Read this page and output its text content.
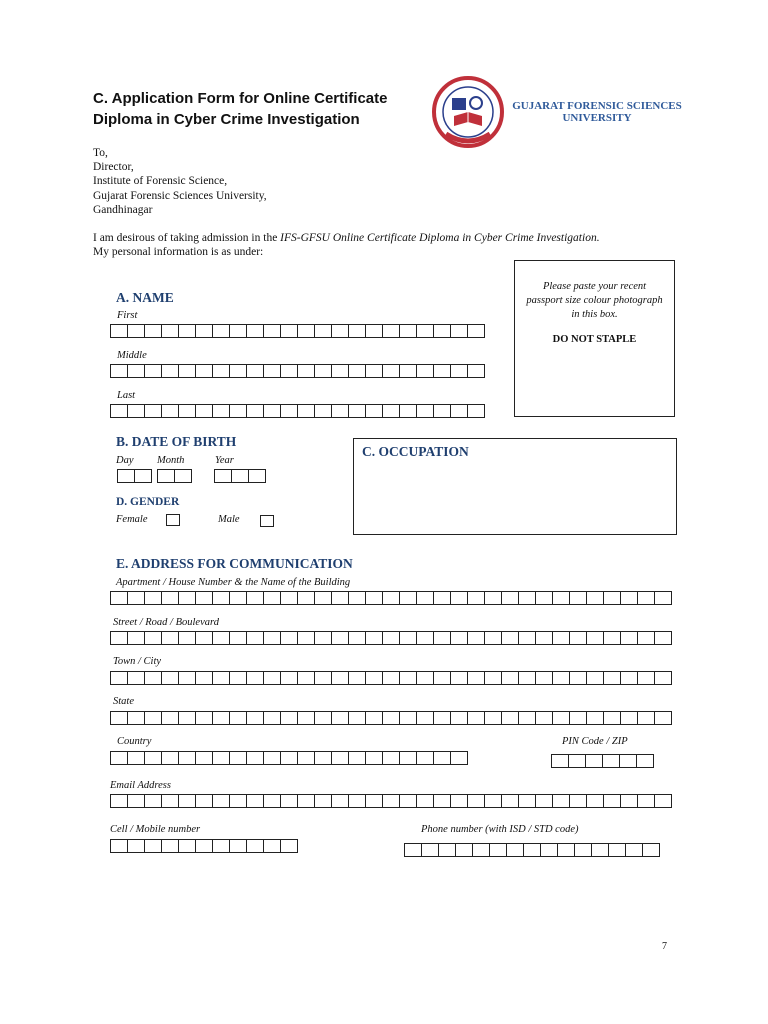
C. Application Form for Online Certificate
Diploma in Cyber Crime Investigation
GUJARAT FORENSIC SCIENCES
UNIVERSITY
To,
Director,
Institute of Forensic Science,
Gujarat Forensic Sciences University,
Gandhinagar
I am desirous of taking admission in the IFS-GFSU Online Certificate Diploma in Cyber Crime Investigation.
My personal information is as under:
Please paste your recent passport size colour photograph in this box.
DO NOT STAPLE
A. NAME
First
Middle
Last
B. DATE OF BIRTH
Day Month	Year
C. OCCUPATION
D. GENDER
Female	Male
E. ADDRESS FOR COMMUNICATION
Apartment / House Number & the Name of the Building
Street / Road / Boulevard
Town / City
State
Country	PIN Code / ZIP
Email Address
Cell / Mobile number	Phone number (with ISD / STD code)
7
